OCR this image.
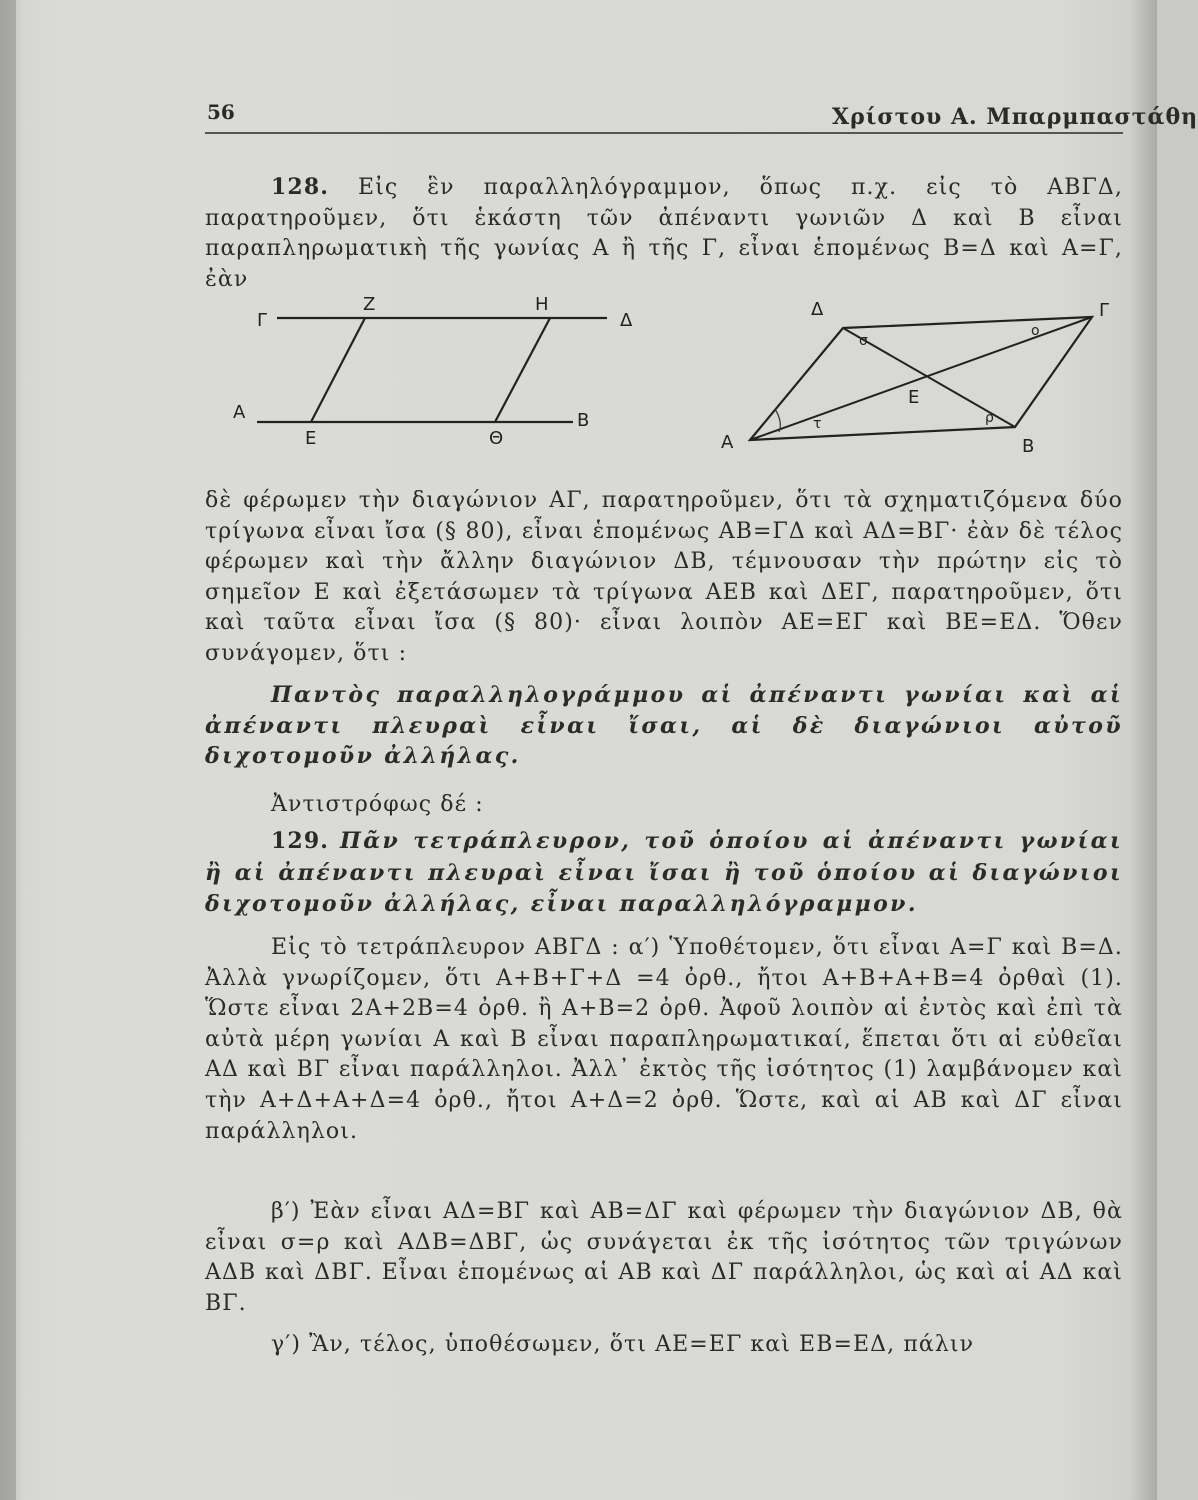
56	Χρίστου Α. Μπαρμπαστάθη
128. Εἰς ἓν παραλληλόγραμμον, ὅπως π.χ. εἰς τὸ ΑΒΓΔ, παρατηροῦμεν, ὅτι ἑκάστη τῶν ἀπέναντι γωνιῶν Δ καὶ Β εἶναι παραπληρωματικὴ τῆς γωνίας Α ἢ τῆς Γ, εἶναι ἑπομένως Β=Δ καὶ Α=Γ, ἐὰν
Γ
Z	H
Δ
A
E	Θ
B
Δ	Γ
A	B
E
σ
ο
τ	ρ
δὲ φέρωμεν τὴν διαγώνιον ΑΓ, παρατηροῦμεν, ὅτι τὰ σχηματιζόμενα δύο τρίγωνα εἶναι ἴσα (§ 80), εἶναι ἑπομένως ΑΒ=ΓΔ καὶ ΑΔ=ΒΓ· ἐὰν δὲ τέλος φέρωμεν καὶ τὴν ἄλλην διαγώνιον ΔΒ, τέμνουσαν τὴν πρώτην εἰς τὸ σημεῖον Ε καὶ ἐξετάσωμεν τὰ τρίγωνα ΑΕΒ καὶ ΔΕΓ, παρατηροῦμεν, ὅτι καὶ ταῦτα εἶναι ἴσα (§ 80)· εἶναι λοιπὸν ΑΕ=ΕΓ καὶ ΒΕ=ΕΔ. Ὅθεν συνάγομεν, ὅτι :
Παντὸς παραλληλογράμμου αἱ ἀπέναντι γωνίαι καὶ αἱ ἀπέναντι πλευραὶ εἶναι ἴσαι, αἱ δὲ διαγώνιοι αὐτοῦ διχοτομοῦν ἀλλήλας.
Ἀντιστρόφως δέ :
129. Πᾶν τετράπλευρον, τοῦ ὁποίου αἱ ἀπέναντι γωνίαι ἢ αἱ ἀπέναντι πλευραὶ εἶναι ἴσαι ἢ τοῦ ὁποίου αἱ διαγώνιοι διχοτομοῦν ἀλλήλας, εἶναι παραλληλόγραμμον.
Εἰς τὸ τετράπλευρον ΑΒΓΔ : α′) Ὑποθέτομεν, ὅτι εἶναι Α=Γ καὶ Β=Δ. Ἀλλὰ γνωρίζομεν, ὅτι Α+Β+Γ+Δ =4 ὀρθ., ἤτοι Α+Β+Α+Β=4 ὀρθαὶ (1). Ὥστε εἶναι 2Α+2Β=4 ὀρθ. ἢ Α+Β=2 ὀρθ. Ἀφοῦ λοιπὸν αἱ ἐντὸς καὶ ἐπὶ τὰ αὐτὰ μέρη γωνίαι Α καὶ Β εἶναι παραπληρωματικαί, ἕπεται ὅτι αἱ εὐθεῖαι ΑΔ καὶ ΒΓ εἶναι παράλληλοι. Ἀλλ᾽ ἐκτὸς τῆς ἰσότητος (1) λαμβάνομεν καὶ τὴν Α+Δ+Α+Δ=4 ὀρθ., ἤτοι Α+Δ=2 ὀρθ. Ὥστε, καὶ αἱ ΑΒ καὶ ΔΓ εἶναι παράλληλοι.
β′) Ἐὰν εἶναι ΑΔ=ΒΓ καὶ ΑΒ=ΔΓ καὶ φέρωμεν τὴν διαγώνιον ΔΒ, θὰ εἶναι σ=ρ καὶ ΑΔΒ=ΔΒΓ, ὡς συνάγεται ἐκ τῆς ἰσότητος τῶν τριγώνων ΑΔΒ καὶ ΔΒΓ. Εἶναι ἑπομένως αἱ ΑΒ καὶ ΔΓ παράλληλοι, ὡς καὶ αἱ ΑΔ καὶ ΒΓ.
γ′) Ἂν, τέλος, ὑποθέσωμεν, ὅτι ΑΕ=ΕΓ καὶ ΕΒ=ΕΔ, πάλιν
